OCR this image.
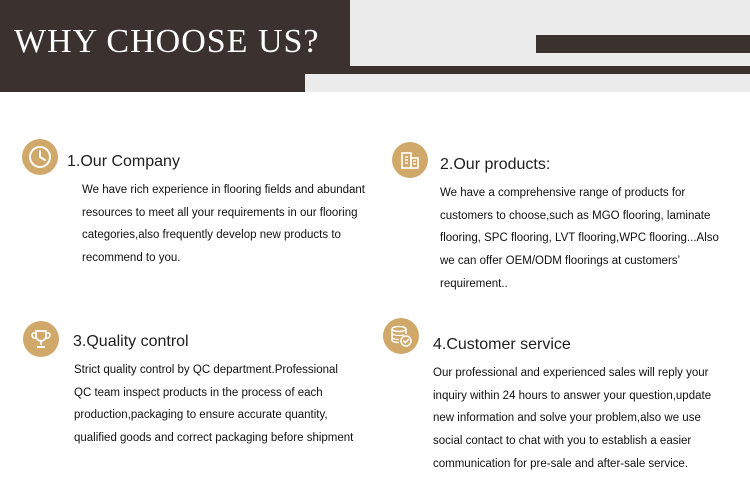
WHY CHOOSE US?
1.Our Company
We have rich experience in flooring fields and abundant
resources to meet all your requirements in our flooring
categories,also frequently develop new products to
recommend to you.
2.Our products:
We have a comprehensive range of products for
customers to choose,such as MGO flooring, laminate
flooring, SPC flooring, LVT flooring,WPC flooring...Also
we can offer OEM/ODM floorings at customers’
requirement..
3.Quality control
Strict quality control by QC department.Professional
QC team inspect products in the process of each
production,packaging to ensure accurate quantity,
qualified goods and correct packaging before shipment
4.Customer service
Our professional and experienced sales will reply your
inquiry within 24 hours to answer your question,update
new information and solve your problem,also we use
social contact to chat with you to establish a easier
communication for pre-sale and after-sale service.
